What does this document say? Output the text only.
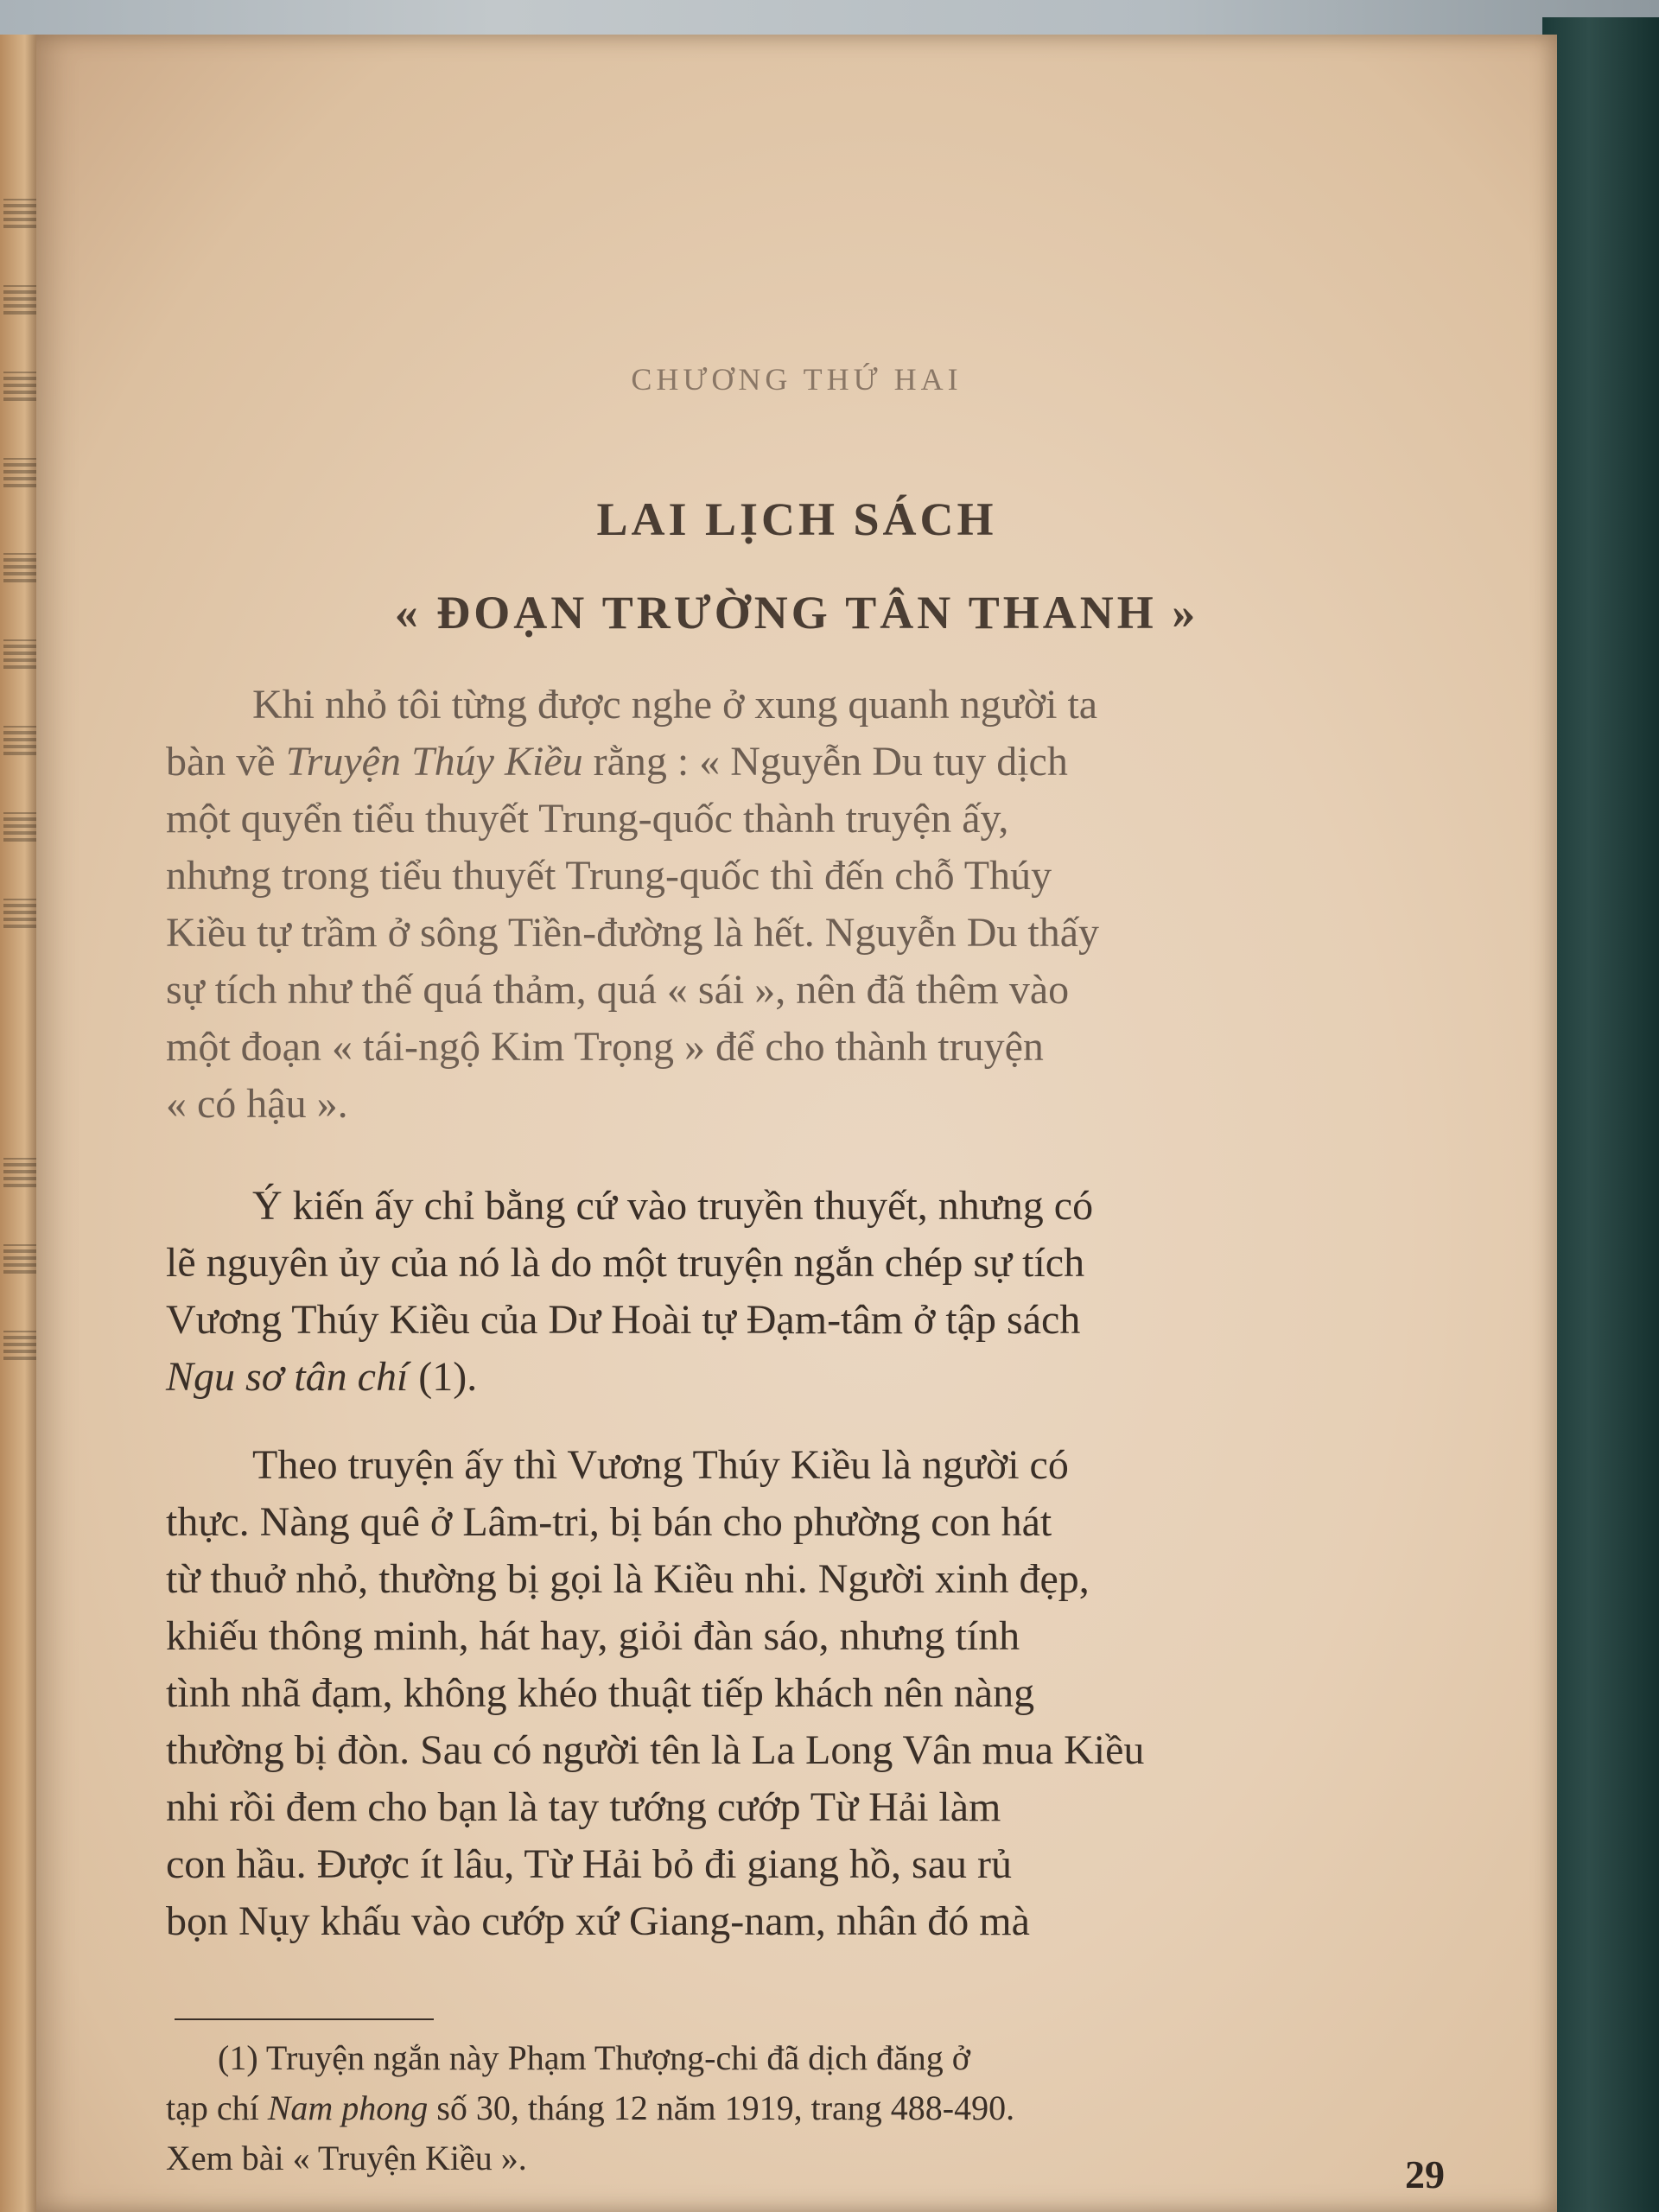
CHƯƠNG THỨ HAI
LAI LỊCH SÁCH
« ĐOẠN TRƯỜNG TÂN THANH »
Khi nhỏ tôi từng được nghe ở xung quanh người ta
bàn về Truyện Thúy Kiều rằng : « Nguyễn Du tuy dịch
một quyển tiểu thuyết Trung-quốc thành truyện ấy,
nhưng trong tiểu thuyết Trung-quốc thì đến chỗ Thúy
Kiều tự trầm ở sông Tiền-đường là hết. Nguyễn Du thấy
sự tích như thế quá thảm, quá « sái », nên đã thêm vào
một đoạn « tái-ngộ Kim Trọng » để cho thành truyện
« có hậu ».
Ý kiến ấy chỉ bằng cứ vào truyền thuyết, nhưng có
lẽ nguyên ủy của nó là do một truyện ngắn chép sự tích
Vương Thúy Kiều của Dư Hoài tự Đạm-tâm ở tập sách
Ngu sơ tân chí (1).
Theo truyện ấy thì Vương Thúy Kiều là người có
thực. Nàng quê ở Lâm-tri, bị bán cho phường con hát
từ thuở nhỏ, thường bị gọi là Kiều nhi. Người xinh đẹp,
khiếu thông minh, hát hay, giỏi đàn sáo, nhưng tính
tình nhã đạm, không khéo thuật tiếp khách nên nàng
thường bị đòn. Sau có người tên là La Long Vân mua Kiều
nhi rồi đem cho bạn là tay tướng cướp Từ Hải làm
con hầu. Được ít lâu, Từ Hải bỏ đi giang hồ, sau rủ
bọn Nụy khấu vào cướp xứ Giang-nam, nhân đó mà
(1) Truyện ngắn này Phạm Thượng-chi đã dịch đăng ở
tạp chí Nam phong số 30, tháng 12 năm 1919, trang 488-490.
Xem bài « Truyện Kiều ».	29
